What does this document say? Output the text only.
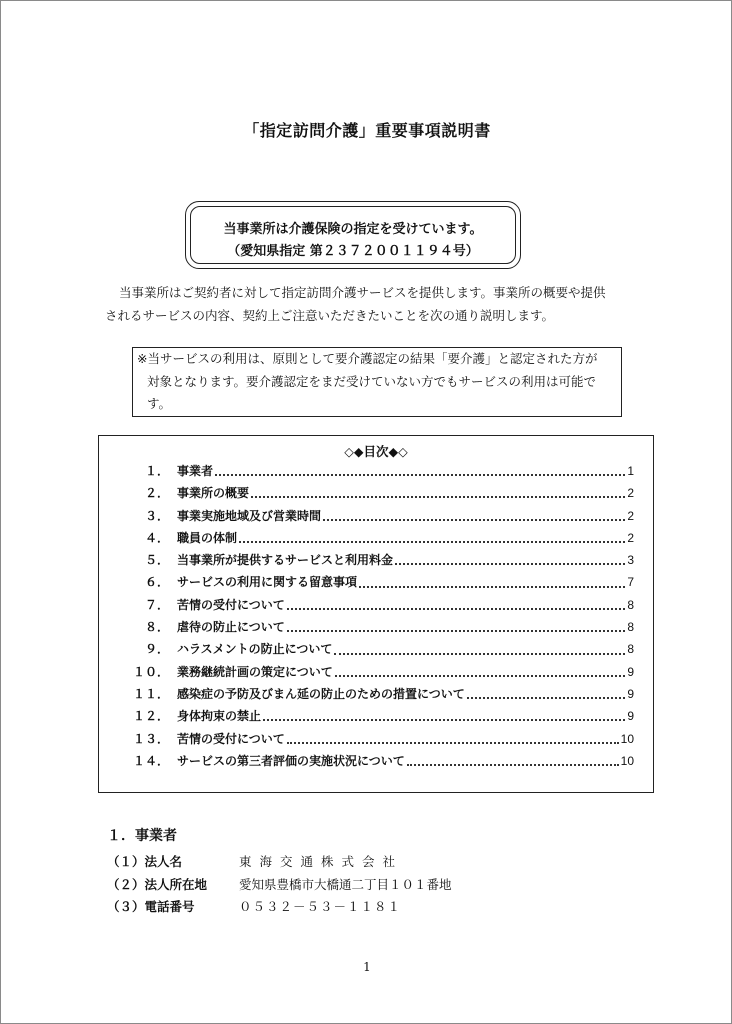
「指定訪問介護」重要事項説明書
当事業所は介護保険の指定を受けています。
（愛知県指定 第２３７２００１１９４号）
当事業所はご契約者に対して指定訪問介護サービスを提供します。事業所の概要や提供
されるサービスの内容、契約上ご注意いただきたいことを次の通り説明します。
※当サービスの利用は、原則として要介護認定の結果「要介護」と認定された方が
対象となります。要介護認定をまだ受けていない方でもサービスの利用は可能で
す。
◇◆目次◆◇
１． 事業者	1
２． 事業所の概要	2
３． 事業実施地域及び営業時間	2
４． 職員の体制	2
５． 当事業所が提供するサービスと利用料金	3
６． サービスの利用に関する留意事項	7
７． 苦情の受付について	8
８． 虐待の防止について	8
９． ハラスメントの防止について	8
１０． 業務継続計画の策定について	9
１１． 感染症の予防及びまん延の防止のための措置について	9
１２． 身体拘束の禁止	9
１３． 苦情の受付について	10
１４． サービスの第三者評価の実施状況について	10
１．事業者
（１）法人名	東海交通株式会社
（２）法人所在地	愛知県豊橋市大橋通二丁目１０１番地
（３）電話番号	０５３２－５３－１１８１
1
